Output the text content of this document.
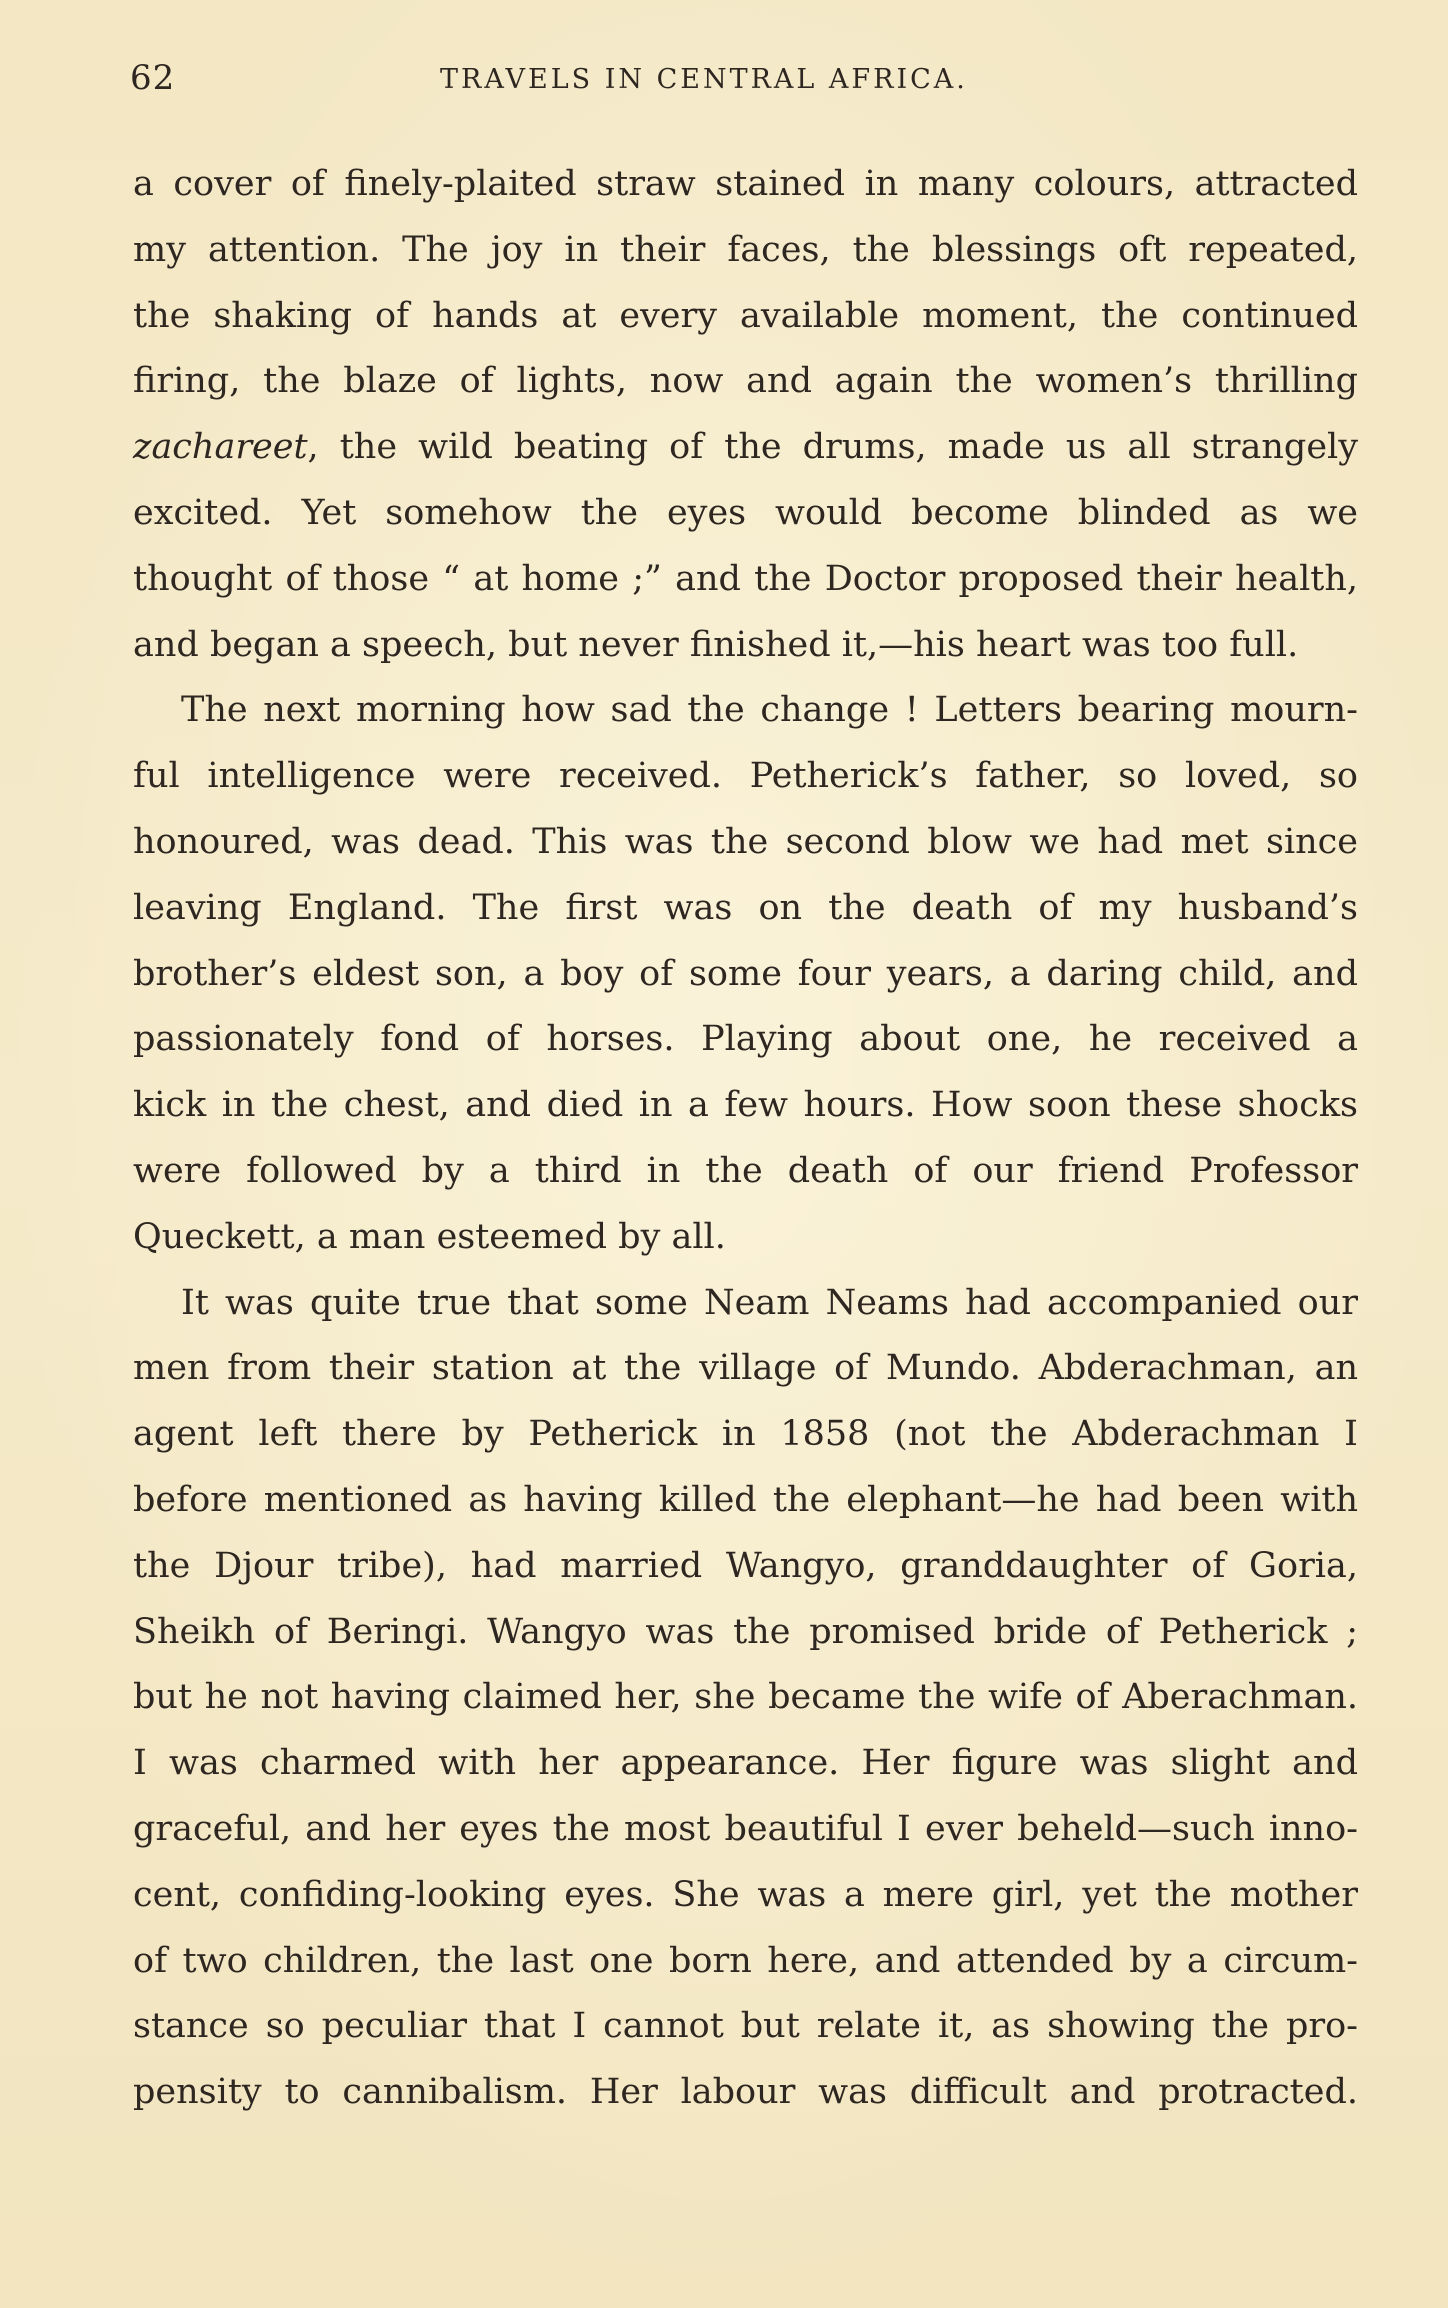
62	TRAVELS IN CENTRAL AFRICA.
a cover of finely-plaited straw stained in many colours, attracted
my attention. The joy in their faces, the blessings oft repeated,
the shaking of hands at every available moment, the continued
firing, the blaze of lights, now and again the women’s thrilling
zachareet, the wild beating of the drums, made us all strangely
excited. Yet somehow the eyes would become blinded as we
thought of those “ at home ;” and the Doctor proposed their health,
and began a speech, but never finished it,—his heart was too full.
The next morning how sad the change ! Letters bearing mourn-
ful intelligence were received. Petherick’s father, so loved, so
honoured, was dead. This was the second blow we had met since
leaving England. The first was on the death of my husband’s
brother’s eldest son, a boy of some four years, a daring child, and
passionately fond of horses. Playing about one, he received a
kick in the chest, and died in a few hours. How soon these shocks
were followed by a third in the death of our friend Professor
Queckett, a man esteemed by all.
It was quite true that some Neam Neams had accompanied our
men from their station at the village of Mundo. Abderachman, an
agent left there by Petherick in 1858 (not the Abderachman I
before mentioned as having killed the elephant—he had been with
the Djour tribe), had married Wangyo, granddaughter of Goria,
Sheikh of Beringi. Wangyo was the promised bride of Petherick ;
but he not having claimed her, she became the wife of Aberachman.
I was charmed with her appearance. Her figure was slight and
graceful, and her eyes the most beautiful I ever beheld—such inno-
cent, confiding-looking eyes. She was a mere girl, yet the mother
of two children, the last one born here, and attended by a circum-
stance so peculiar that I cannot but relate it, as showing the pro-
pensity to cannibalism. Her labour was difficult and protracted.
